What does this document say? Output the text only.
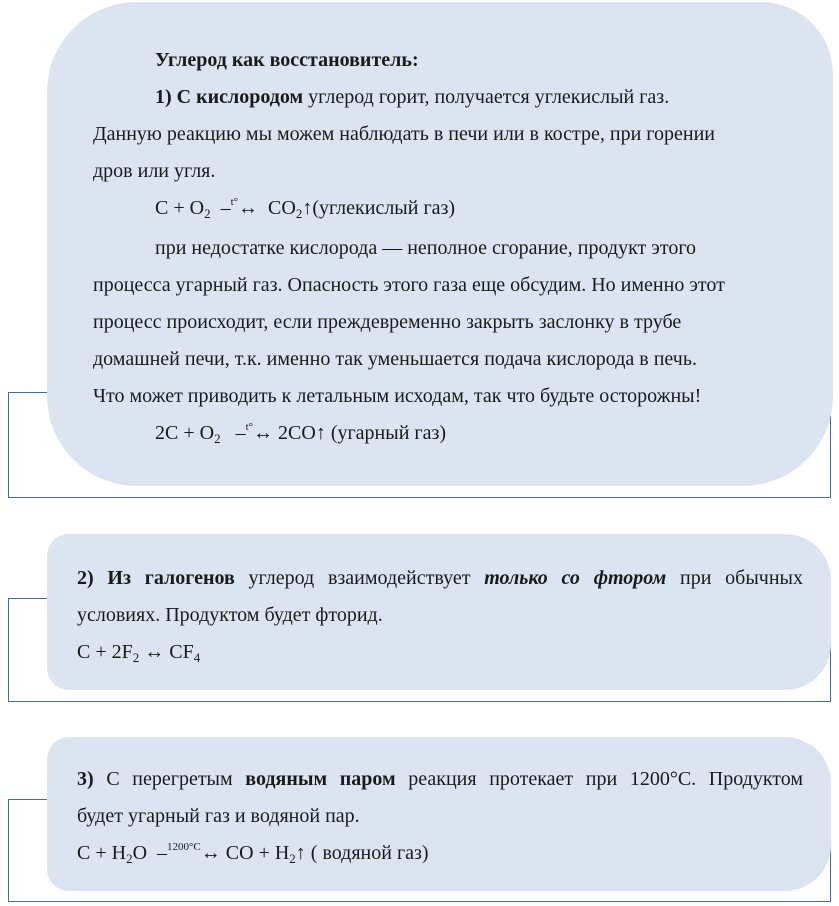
Углерод как восстановитель:
1) С кислородом углерод горит, получается углекислый газ.
Данную реакцию мы можем наблюдать в печи или в костре, при горении
дров или угля.
$C + O_2$ –$^{t^\circ}$↔ $CO_2↑(углекислый$ газ)
при недостатке кислорода — неполное сгорание, продукт этого
процесса угарный газ. Опасность этого газа еще обсудим. Но именно этот
процесс происходит, если преждевременно закрыть заслонку в трубе
домашней печи, т.к. именно так уменьшается подача кислорода в печь.
Что может приводить к летальным исходам, так что будьте осторожны!
$2C + O_2$ –$^{t^\circ}$↔ 2CO↑ (угарный газ)
2) Из галогенов углерод взаимодействует только со фтором при обычных
условиях. Продуктом будет фторид.
$C + 2F_2$ ↔ $CF_4$
3) С перегретым водяным паром реакция протекает при 1200°С. Продуктом
будет угарный газ и водяной пар.
$C + H_2O$ –$^{1200^\circ C}$↔ CO + $H_2↑$ ( водяной газ)
